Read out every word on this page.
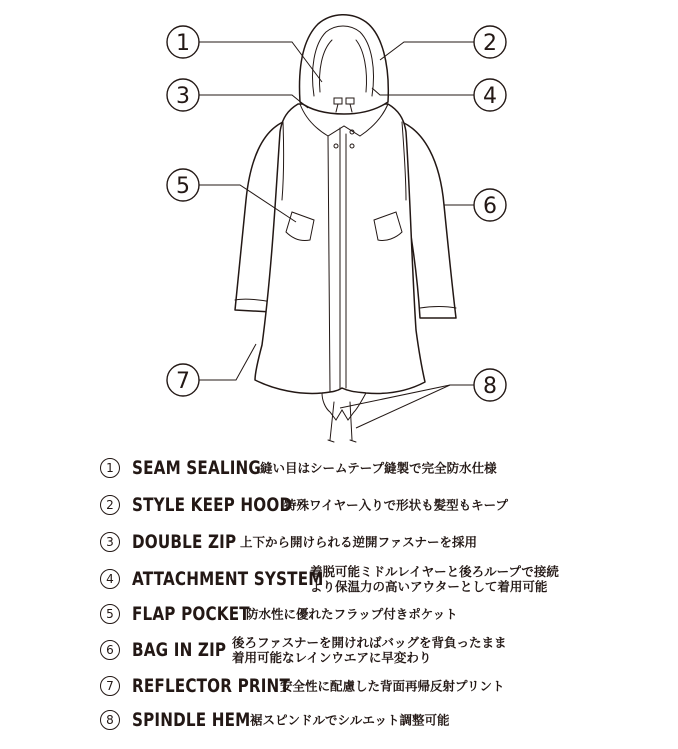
1	2
3	4
5
6
7	8
1 SEAM SEALING
縫い目はシームテープ縫製で完全防水仕様
2 STYLE KEEP HOOD
特殊ワイヤー入りで形状も髪型もキープ
3 DOUBLE ZIP 上下から開けられる逆開ファスナーを採用
4 ATTACHMENT SYSTEM
着脱可能ミドルレイヤーと後ろループで接続
より保温力の高いアウターとして着用可能
5 FLAP POCKET
防水性に優れたフラップ付きポケット
6 BAG IN ZIP 後ろファスナーを開ければバッグを背負ったまま
着用可能なレインウエアに早変わり
7 REFLECTOR PRINT
安全性に配慮した背面再帰反射プリント
8 SPINDLE HEM 裾スピンドルでシルエット調整可能
